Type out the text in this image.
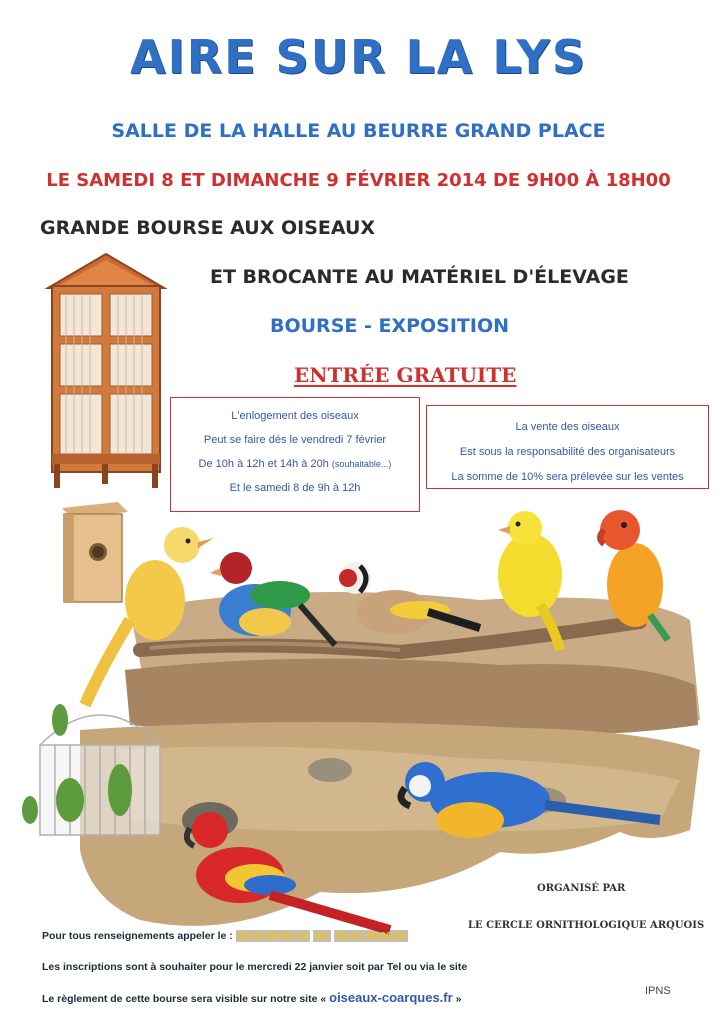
AIRE SUR LA LYS
SALLE DE LA HALLE AU BEURRE GRAND PLACE
LE SAMEDI 8 ET DIMANCHE 9 FÉVRIER 2014 DE 9H00 À 18H00
GRANDE BOURSE AUX OISEAUX
ET BROCANTE AU MATÉRIEL D'ÉLEVAGE
BOURSE - EXPOSITION
ENTRÉE GRATUITE
L'enlogement des oiseaux
Peut se faire dés le vendredi 7 février
De 10h à 12h et 14h à 20h (souhaitable...)
Et le samedi 8 de 9h à 12h
La vente des oiseaux
Est sous la responsabilité des organisateurs
La somme de 10% sera prélevée sur les ventes
ORGANISÉ PAR
LE CERCLE ORNITHOLOGIQUE ARQUOIS
Pour tous renseignements appeler le : 03.21.93.81.18 Ou 03.21.39.20.31
Les inscriptions sont à souhaiter pour le mercredi 22 janvier soit par Tel ou via le site
Le règlement de cette bourse sera visible sur notre site « oiseaux-coarques.fr »
IPNS
